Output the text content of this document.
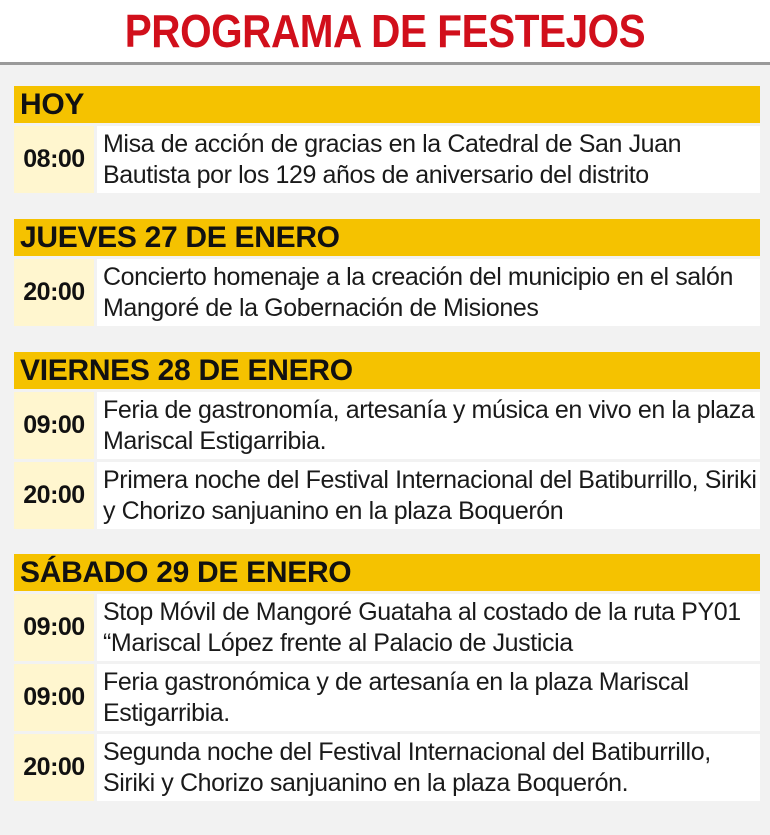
PROGRAMA DE FESTEJOS
HOY
08:00
Misa de acción de gracias en la Catedral de San Juan
Bautista por los 129 años de aniversario del distrito
JUEVES 27 DE ENERO
20:00
Concierto homenaje a la creación del municipio en el salón
Mangoré de la Gobernación de Misiones
VIERNES 28 DE ENERO
09:00
Feria de gastronomía, artesanía y música en vivo en la plaza
Mariscal Estigarribia.
20:00
Primera noche del Festival Internacional del Batiburrillo, Siriki
y Chorizo sanjuanino en la plaza Boquerón
SÁBADO 29 DE ENERO
09:00
Stop Móvil de Mangoré Guataha al costado de la ruta PY01
“Mariscal López frente al Palacio de Justicia
09:00
Feria gastronómica y de artesanía en la plaza Mariscal
Estigarribia.
20:00
Segunda noche del Festival Internacional del Batiburrillo,
Siriki y Chorizo sanjuanino en la plaza Boquerón.
